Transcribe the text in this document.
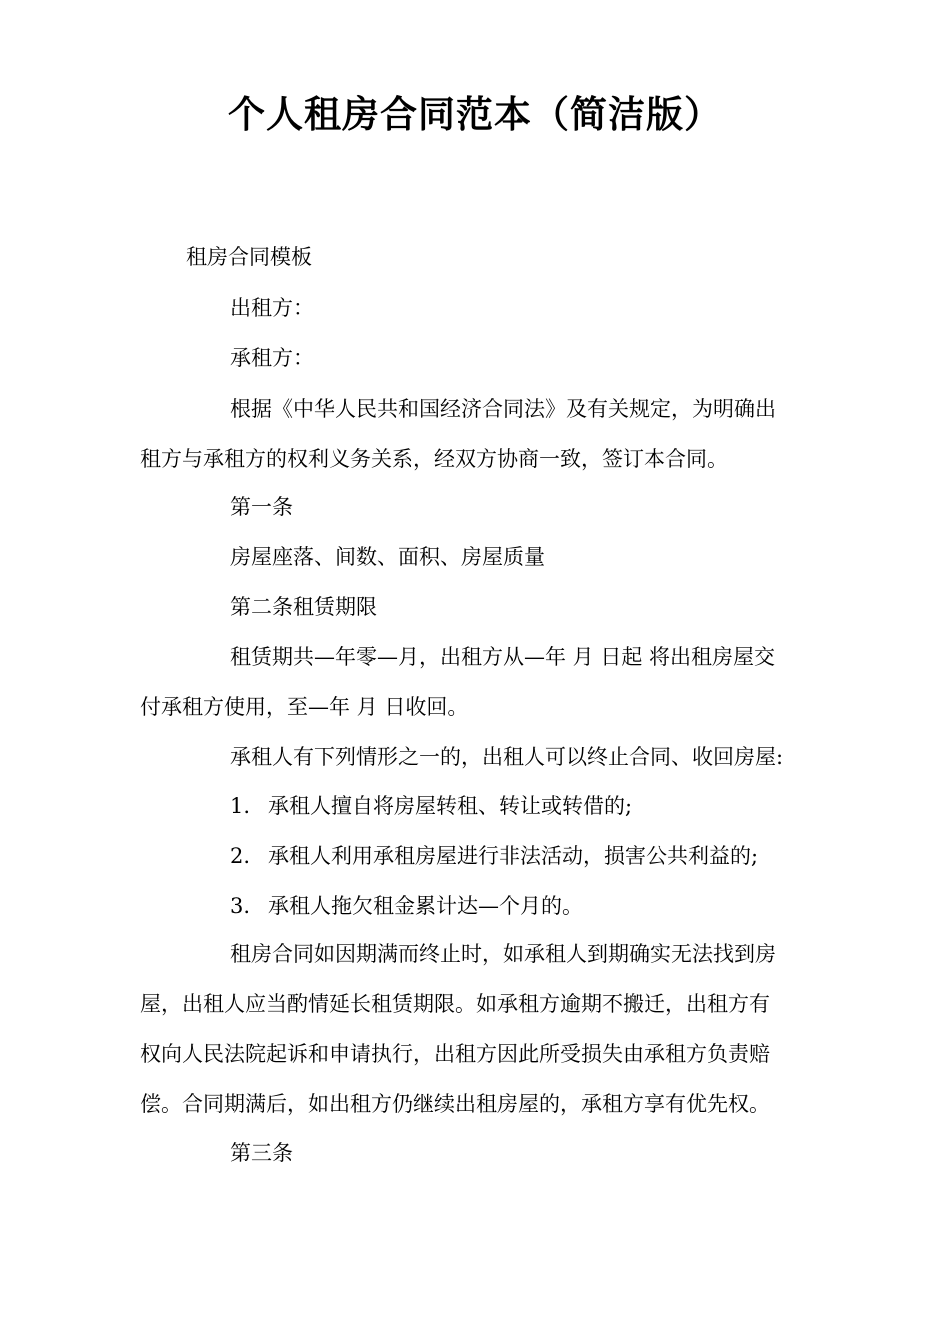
个人租房合同范本（简洁版）
租房合同模板
出租方：
承租方：
根据《中华人民共和国经济合同法》及有关规定，为明确出
租方与承租方的权利义务关系，经双方协商一致，签订本合同。
第一条
房屋座落、间数、面积、房屋质量
第二条租赁期限
租赁期共—年零—月，出租方从—年 月 日起 将出租房屋交
付承租方使用，至—年 月 日收回。
承租人有下列情形之一的，出租人可以终止合同、收回房屋:
1. 承租人擅自将房屋转租、转让或转借的;
2. 承租人利用承租房屋进行非法活动，损害公共利益的;
3. 承租人拖欠租金累计达—个月的。
租房合同如因期满而终止时，如承租人到期确实无法找到房
屋，出租人应当酌情延长租赁期限。如承租方逾期不搬迁，出租方有
权向人民法院起诉和申请执行，出租方因此所受损失由承租方负责赔
偿。合同期满后，如出租方仍继续出租房屋的，承租方享有优先权。
第三条
